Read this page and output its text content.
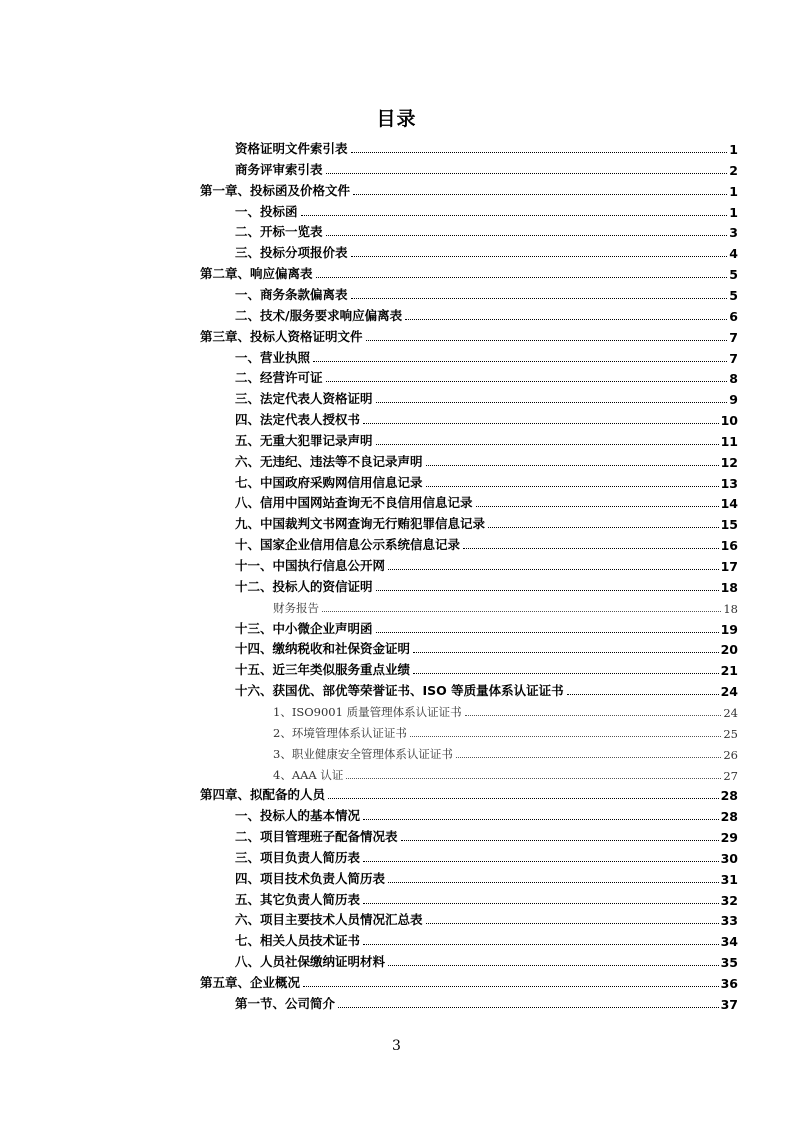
目录
资格证明文件索引表	1
商务评审索引表	2
第一章、投标函及价格文件	1
一、投标函	1
二、开标一览表	3
三、投标分项报价表	4
第二章、响应偏离表	5
一、商务条款偏离表	5
二、技术/服务要求响应偏离表	6
第三章、投标人资格证明文件	7
一、营业执照	7
二、经营许可证	8
三、法定代表人资格证明	9
四、法定代表人授权书	10
五、无重大犯罪记录声明	11
六、无违纪、违法等不良记录声明	12
七、中国政府采购网信用信息记录	13
八、信用中国网站查询无不良信用信息记录	14
九、中国裁判文书网查询无行贿犯罪信息记录	15
十、国家企业信用信息公示系统信息记录	16
十一、中国执行信息公开网	17
十二、投标人的资信证明	18
财务报告	18
十三、中小微企业声明函	19
十四、缴纳税收和社保资金证明	20
十五、近三年类似服务重点业绩	21
十六、获国优、部优等荣誉证书、ISO 等质量体系认证证书	24
1、ISO9001 质量管理体系认证证书	24
2、环境管理体系认证证书	25
3、职业健康安全管理体系认证证书	26
4、AAA 认证	27
第四章、拟配备的人员	28
一、投标人的基本情况	28
二、项目管理班子配备情况表	29
三、项目负责人简历表	30
四、项目技术负责人简历表	31
五、其它负责人简历表	32
六、项目主要技术人员情况汇总表	33
七、相关人员技术证书	34
八、人员社保缴纳证明材料	35
第五章、企业概况	36
第一节、公司简介	37
3
